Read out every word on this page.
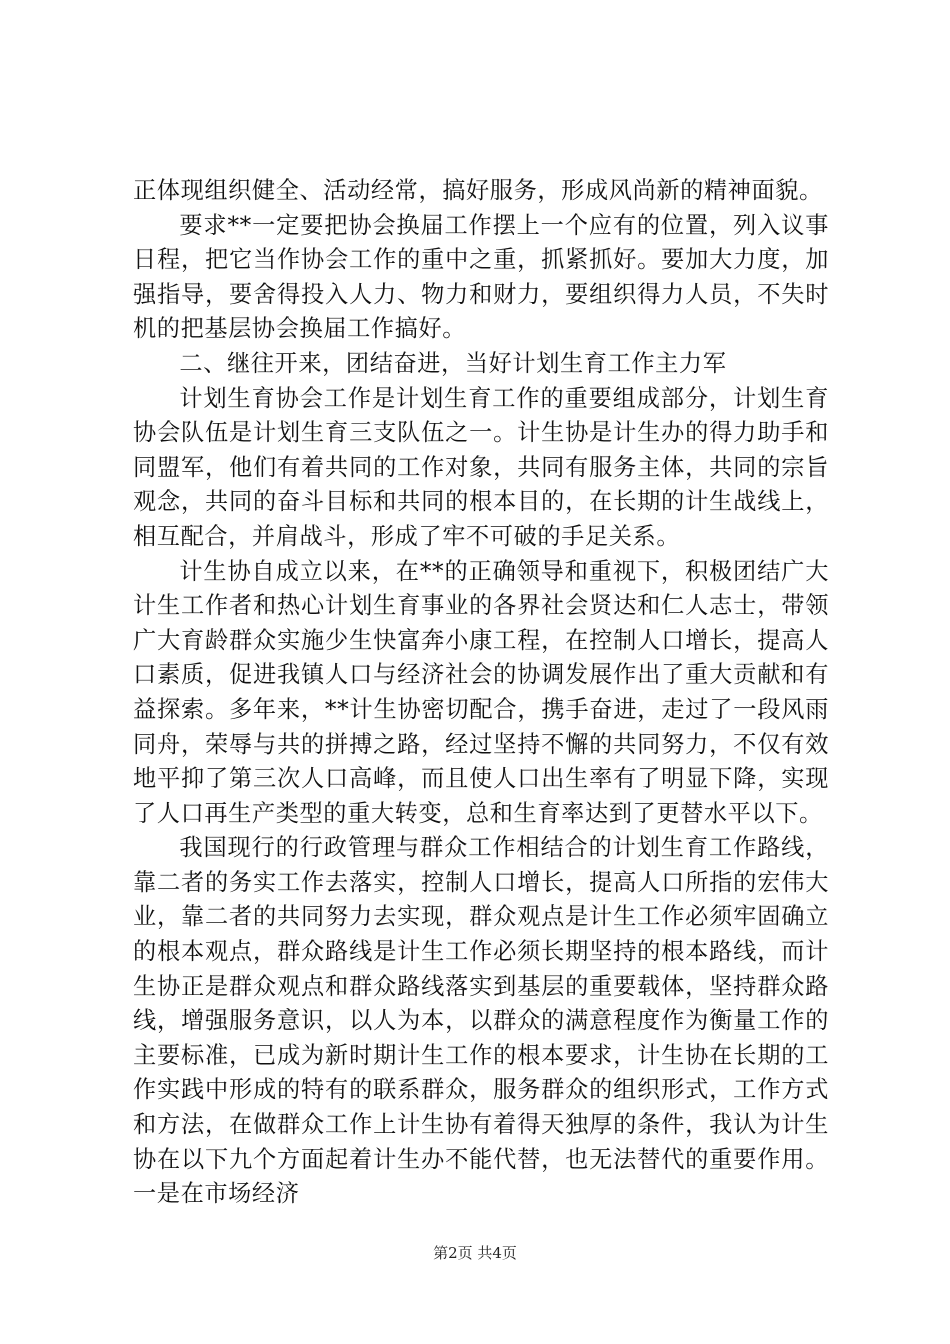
正体现组织健全、活动经常，搞好服务，形成风尚新的精神面貌。

要求**一定要把协会换届工作摆上一个应有的位置，列入议事日程，把它当作协会工作的重中之重，抓紧抓好。要加大力度，加强指导，要舍得投入人力、物力和财力，要组织得力人员，不失时机的把基层协会换届工作搞好。

二、继往开来，团结奋进，当好计划生育工作主力军

计划生育协会工作是计划生育工作的重要组成部分，计划生育协会队伍是计划生育三支队伍之一。计生协是计生办的得力助手和同盟军，他们有着共同的工作对象，共同有服务主体，共同的宗旨观念，共同的奋斗目标和共同的根本目的，在长期的计生战线上，相互配合，并肩战斗，形成了牢不可破的手足关系。

计生协自成立以来，在**的正确领导和重视下，积极团结广大计生工作者和热心计划生育事业的各界社会贤达和仁人志士，带领广大育龄群众实施少生快富奔小康工程，在控制人口增长，提高人口素质，促进我镇人口与经济社会的协调发展作出了重大贡献和有益探索。多年来，**计生协密切配合，携手奋进，走过了一段风雨同舟，荣辱与共的拼搏之路，经过坚持不懈的共同努力，不仅有效地平抑了第三次人口高峰，而且使人口出生率有了明显下降，实现了人口再生产类型的重大转变，总和生育率达到了更替水平以下。

我国现行的行政管理与群众工作相结合的计划生育工作路线，靠二者的务实工作去落实，控制人口增长，提高人口所指的宏伟大业，靠二者的共同努力去实现，群众观点是计生工作必须牢固确立的根本观点，群众路线是计生工作必须长期坚持的根本路线，而计生协正是群众观点和群众路线落实到基层的重要载体，坚持群众路线，增强服务意识，以人为本，以群众的满意程度作为衡量工作的主要标准，已成为新时期计生工作的根本要求，计生协在长期的工作实践中形成的特有的联系群众，服务群众的组织形式，工作方式和方法，在做群众工作上计生协有着得天独厚的条件，我认为计生协在以下九个方面起着计生办不能代替，也无法替代的重要作用。一是在市场经济

第2页 共4页
